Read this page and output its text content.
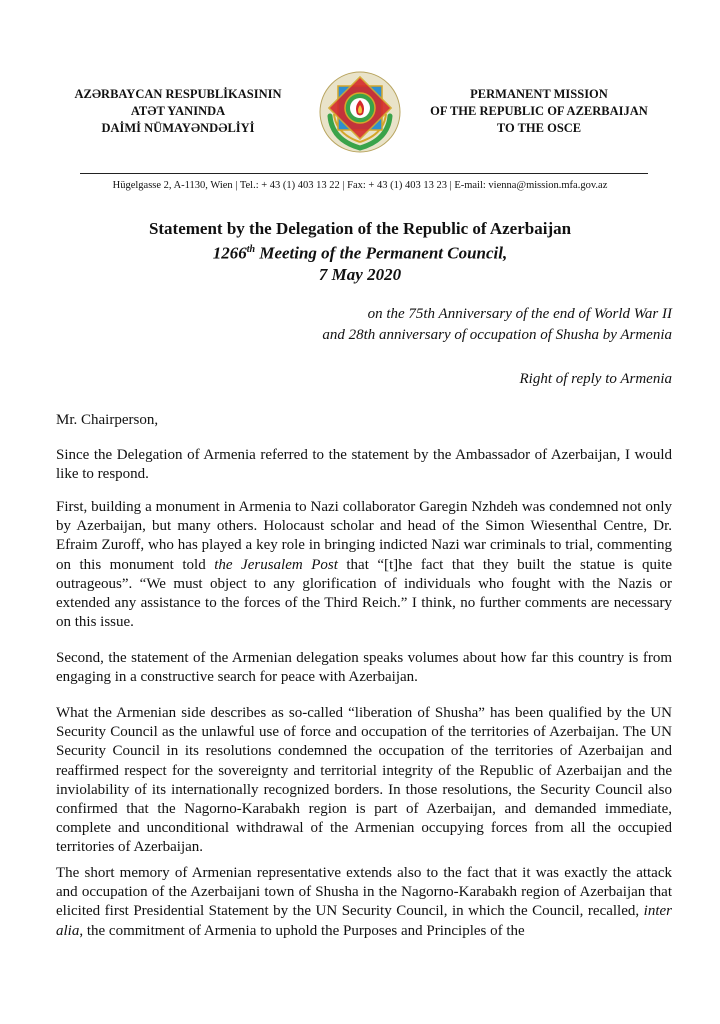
AZƏRBAYCAN RESPUBLİKASININ
ATƏT YANINDA
DAİMİ NÜMAYƏNDƏLİYİ
PERMANENT MISSION
OF THE REPUBLIC OF AZERBAIJAN
TO THE OSCE
Hügelgasse 2, A-1130, Wien | Tel.: + 43 (1) 403 13 22 | Fax: + 43 (1) 403 13 23 | E-mail: vienna@mission.mfa.gov.az
Statement by the Delegation of the Republic of Azerbaijan
1266th Meeting of the Permanent Council,
7 May 2020
on the 75th Anniversary of the end of World War II
and 28th anniversary of occupation of Shusha by Armenia
Right of reply to Armenia
Mr. Chairperson,

Since the Delegation of Armenia referred to the statement by the Ambassador of Azerbaijan, I would like to respond.

First, building a monument in Armenia to Nazi collaborator Garegin Nzhdeh was condemned not only by Azerbaijan, but many others. Holocaust scholar and head of the Simon Wiesenthal Centre, Dr. Efraim Zuroff, who has played a key role in bringing indicted Nazi war criminals to trial, commenting on this monument told the Jerusalem Post that “[t]he fact that they built the statue is quite outrageous”. “We must object to any glorification of individuals who fought with the Nazis or extended any assistance to the forces of the Third Reich.” I think, no further comments are necessary on this issue.

Second, the statement of the Armenian delegation speaks volumes about how far this country is from engaging in a constructive search for peace with Azerbaijan.

What the Armenian side describes as so-called “liberation of Shusha” has been qualified by the UN Security Council as the unlawful use of force and occupation of the territories of Azerbaijan. The UN Security Council in its resolutions condemned the occupation of the territories of Azerbaijan and reaffirmed respect for the sovereignty and territorial integrity of the Republic of Azerbaijan and the inviolability of its internationally recognized borders. In those resolutions, the Security Council also confirmed that the Nagorno-Karabakh region is part of Azerbaijan, and demanded immediate, complete and unconditional withdrawal of the Armenian occupying forces from all the occupied territories of Azerbaijan.

The short memory of Armenian representative extends also to the fact that it was exactly the attack and occupation of the Azerbaijani town of Shusha in the Nagorno-Karabakh region of Azerbaijan that elicited first Presidential Statement by the UN Security Council, in which the Council, recalled, inter alia, the commitment of Armenia to uphold the Purposes and Principles of the
